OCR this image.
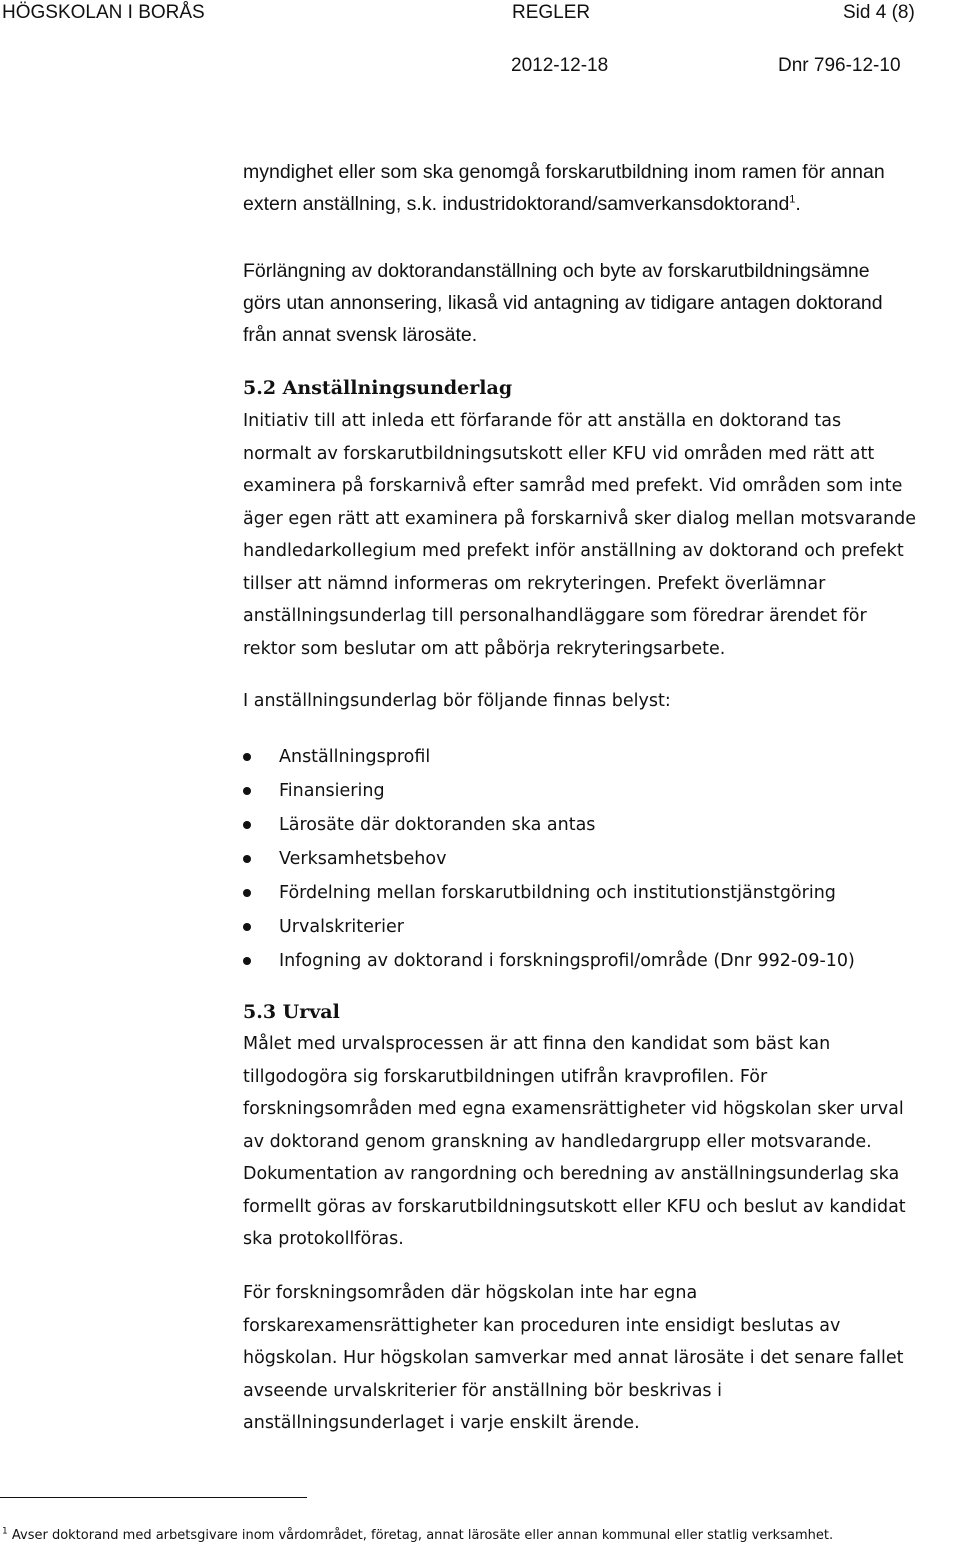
HÖGSKOLAN I BORÅS	REGLER	Sid 4 (8)
2012-12-18	Dnr 796-12-10
myndighet eller som ska genomgå forskarutbildning inom ramen för annan
extern anställning, s.k. industridoktorand/samverkansdoktorand$^1$.
Förlängning av doktorandanställning och byte av forskarutbildningsämne
görs utan annonsering, likaså vid antagning av tidigare antagen doktorand
från annat svensk lärosäte.
5.2 Anställningsunderlag
Initiativ till att inleda ett förfarande för att anställa en doktorand tas
normalt av forskarutbildningsutskott eller KFU vid områden med rätt att
examinera på forskarnivå efter samråd med prefekt. Vid områden som inte
äger egen rätt att examinera på forskarnivå sker dialog mellan motsvarande
handledarkollegium med prefekt inför anställning av doktorand och prefekt
tillser att nämnd informeras om rekryteringen. Prefekt överlämnar
anställningsunderlag till personalhandläggare som föredrar ärendet för
rektor som beslutar om att påbörja rekryteringsarbete.
I anställningsunderlag bör följande finnas belyst:
Anställningsprofil
Finansiering
Lärosäte där doktoranden ska antas
Verksamhetsbehov
Fördelning mellan forskarutbildning och institutionstjänstgöring
Urvalskriterier
Infogning av doktorand i forskningsprofil/område (Dnr 992-09-10)
5.3 Urval
Målet med urvalsprocessen är att finna den kandidat som bäst kan
tillgodogöra sig forskarutbildningen utifrån kravprofilen. För
forskningsområden med egna examensrättigheter vid högskolan sker urval
av doktorand genom granskning av handledargrupp eller motsvarande.
Dokumentation av rangordning och beredning av anställningsunderlag ska
formellt göras av forskarutbildningsutskott eller KFU och beslut av kandidat
ska protokollföras.
För forskningsområden där högskolan inte har egna
forskarexamensrättigheter kan proceduren inte ensidigt beslutas av
högskolan. Hur högskolan samverkar med annat lärosäte i det senare fallet
avseende urvalskriterier för anställning bör beskrivas i
anställningsunderlaget i varje enskilt ärende.
$^1$ Avser doktorand med arbetsgivare inom vårdområdet, företag, annat lärosäte eller annan kommunal eller statlig verksamhet.
